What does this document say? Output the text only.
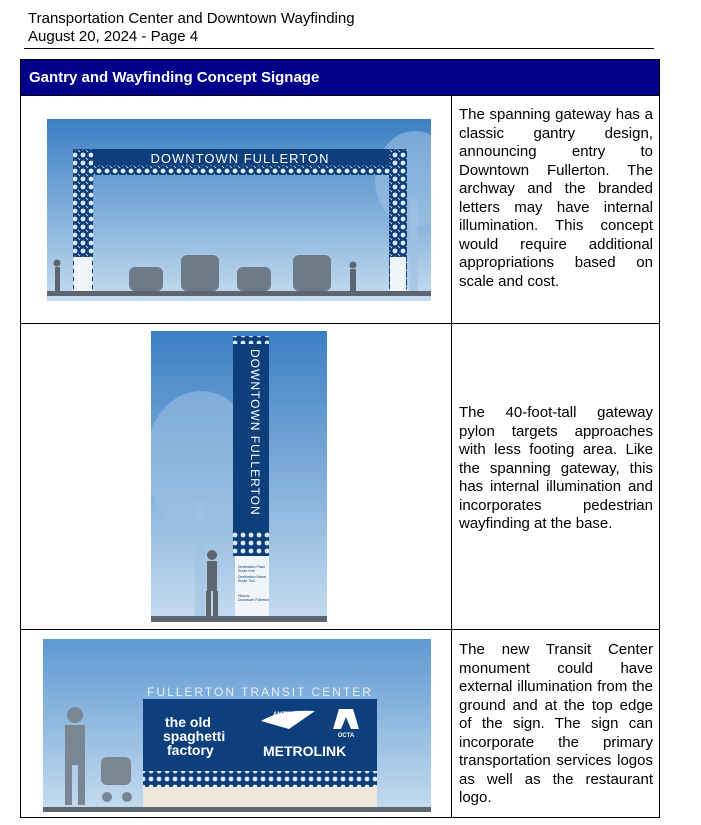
Transportation Center and Downtown Wayfinding
August 20, 2024 - Page 4
Gantry and Wayfinding Concept Signage
DOWNTOWN FULLERTON
The spanning gateway has a classic gantry design, announcing entry to Downtown Fullerton. The archway and the branded letters may have internal illumination. This concept would require additional appropriations based on scale and cost.
DOWNTOWN FULLERTON
Destination Place
Route One
Destination Name
Route Two
Historic
Downtown Fullerton
The 40-foot-tall gateway pylon targets approaches with less footing area. Like the spanning gateway, this has internal illumination and incorporates pedestrian wayfinding at the base.
FULLERTON TRANSIT CENTER
the old
spaghetti
factory
AMTRAK
OCTA
METROLINK
The new Transit Center monument could have external illumination from the ground and at the top edge of the sign. The sign can incorporate the primary transportation services logos as well as the restaurant logo.
